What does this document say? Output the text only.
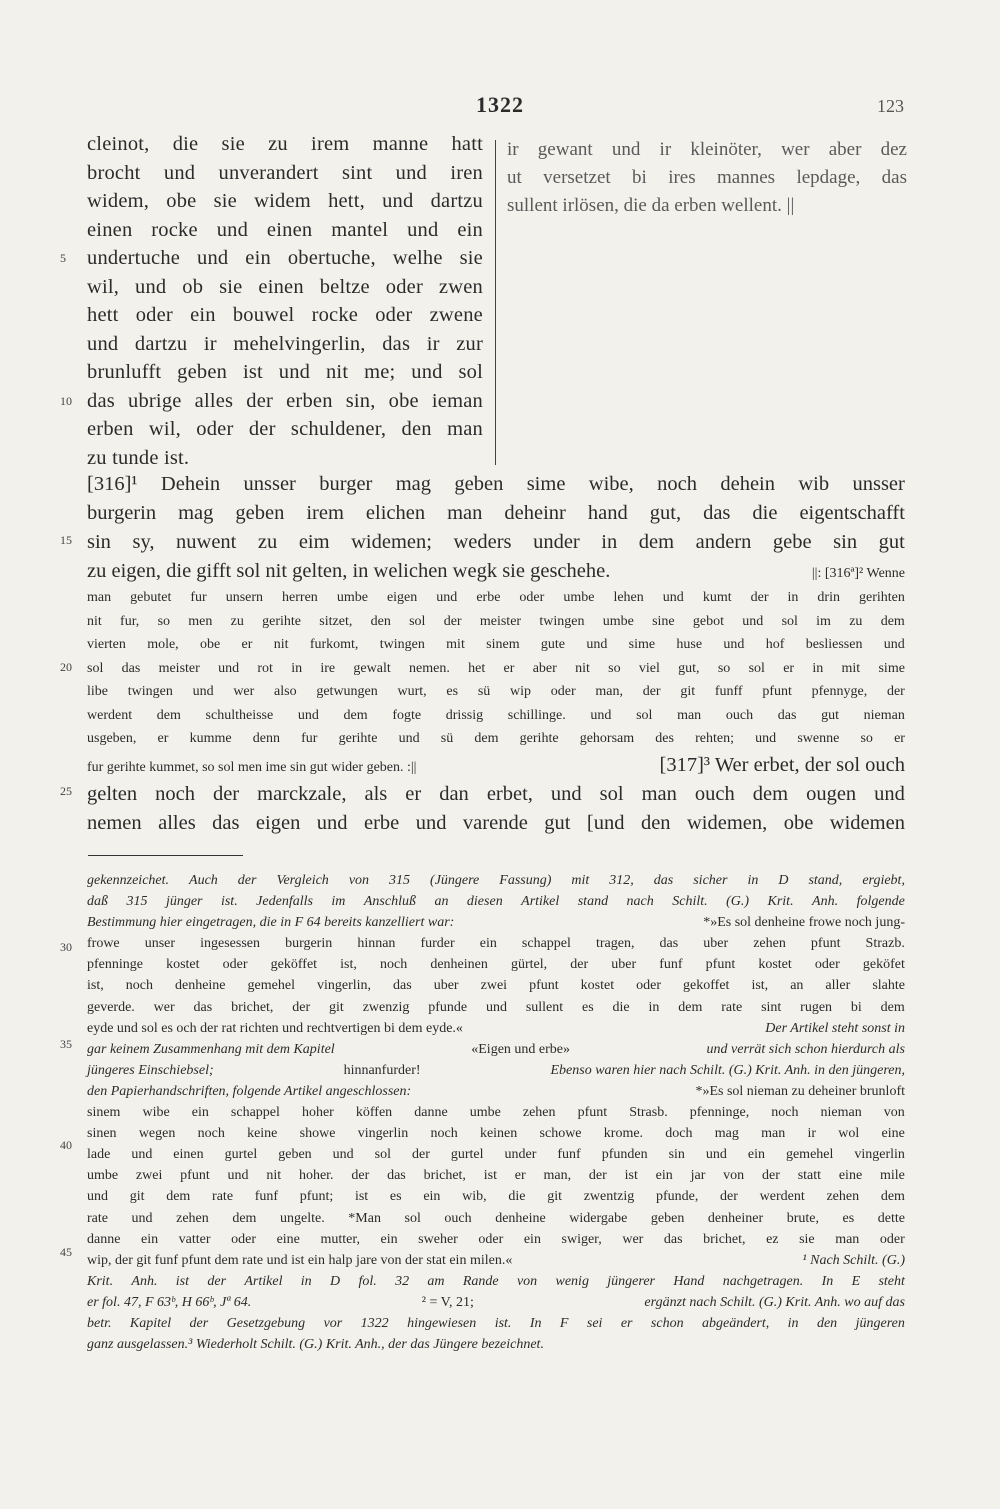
1322	123
5
10
15
20
25
30
35
40
45
cleinot, die sie zu irem manne hatt
brocht und unverandert sint und iren
widem, obe sie widem hett, und dartzu
einen rocke und einen mantel und ein
undertuche und ein obertuche, welhe sie
wil, und ob sie einen beltze oder zwen
hett oder ein bouwel rocke oder zwene
und dartzu ir mehelvingerlin, das ir zur
brunlufft geben ist und nit me; und sol
das ubrige alles der erben sin, obe ieman
erben wil, oder der schuldener, den man
zu tunde ist.
ir gewant und ir kleinöter, wer aber dez
ut versetzet bi ires mannes lepdage, das
sullent irlösen, die da erben wellent. ||
[316]¹ Dehein unsser burger mag geben sime wibe, noch dehein wib unsser
burgerin mag geben irem elichen man deheinr hand gut, das die eigentschafft
sin sy, nuwent zu eim widemen; weders under in dem andern gebe sin gut
zu eigen, die gifft sol nit gelten, in welichen wegk sie geschehe.	||: [316ª]² Wenne
man gebutet fur unsern herren umbe eigen und erbe oder umbe lehen und kumt der in drin gerihten
nit fur, so men zu gerihte sitzet, den sol der meister twingen umbe sine gebot und sol im zu dem
vierten mole, obe er nit furkomt, twingen mit sinem gute und sime huse und hof besliessen und
sol das meister und rot in ire gewalt nemen. het er aber nit so viel gut, so sol er in mit sime
libe twingen und wer also getwungen wurt, es sü wip oder man, der git funff pfunt pfennyge, der
werdent dem schultheisse und dem fogte drissig schillinge. und sol man ouch das gut nieman
usgeben, er kumme denn fur gerihte und sü dem gerihte gehorsam des rehten; und swenne so er
fur gerihte kummet, so sol men ime sin gut wider geben. :||	[317]³ Wer erbet, der sol ouch
gelten noch der marckzale, als er dan erbet, und sol man ouch dem ougen und
nemen alles das eigen und erbe und varende gut [und den widemen, obe widemen
gekennzeichet. Auch der Vergleich von 315 (Jüngere Fassung) mit 312, das sicher in D stand, ergiebt,
daß 315 jünger ist. Jedenfalls im Anschluß an diesen Artikel stand nach Schilt. (G.) Krit. Anh. folgende
Bestimmung hier eingetragen, die in F 64 bereits kanzelliert war:	*»Es sol denheine frowe noch jung-
frowe unser ingesessen burgerin hinnan furder ein schappel tragen, das uber zehen pfunt Strazb.
pfenninge kostet oder geköffet ist, noch denheinen gürtel, der uber funf pfunt kostet oder geköfet
ist, noch denheine gemehel vingerlin, das uber zwei pfunt kostet oder gekoffet ist, an aller slahte
geverde. wer das brichet, der git zwenzig pfunde und sullent es die in dem rate sint rugen bi dem
eyde und sol es och der rat richten und rechtvertigen bi dem eyde.«	Der Artikel steht sonst in
gar keinem Zusammenhang mit dem Kapitel	«Eigen und erbe»	und verrät sich schon hierdurch als
jüngeres Einschiebsel;	hinnanfurder!	Ebenso waren hier nach Schilt. (G.) Krit. Anh. in den jüngeren,
den Papierhandschriften, folgende Artikel angeschlossen:	*»Es sol nieman zu deheiner brunloft
sinem wibe ein schappel hoher köffen danne umbe zehen pfunt Strasb. pfenninge, noch nieman von
sinen wegen noch keine showe vingerlin noch keinen schowe krome. doch mag man ir wol eine
lade und einen gurtel geben und sol der gurtel under funf pfunden sin und ein gemehel vingerlin
umbe zwei pfunt und nit hoher. der das brichet, ist er man, der ist ein jar von der statt eine mile
und git dem rate funf pfunt; ist es ein wib, die git zwentzig pfunde, der werdent zehen dem
rate und zehen dem ungelte. *Man sol ouch denheine widergabe geben denheiner brute, es dette
danne ein vatter oder eine mutter, ein sweher oder ein swiger, wer das brichet, ez sie man oder
wip, der git funf pfunt dem rate und ist ein halp jare von der stat ein milen.«	¹ Nach Schilt. (G.)
Krit. Anh. ist der Artikel in D fol. 32 am Rande von wenig jüngerer Hand nachgetragen. In E steht
er fol. 47, F 63ᵇ, H 66ᵇ, Jª 64.	² = V, 21;	ergänzt nach Schilt. (G.) Krit. Anh. wo auf das
betr. Kapitel der Gesetzgebung vor 1322 hingewiesen ist. In F sei er schon abgeändert, in den jüngeren
ganz ausgelassen. ³ Wiederholt Schilt. (G.) Krit. Anh., der das Jüngere bezeichnet.
